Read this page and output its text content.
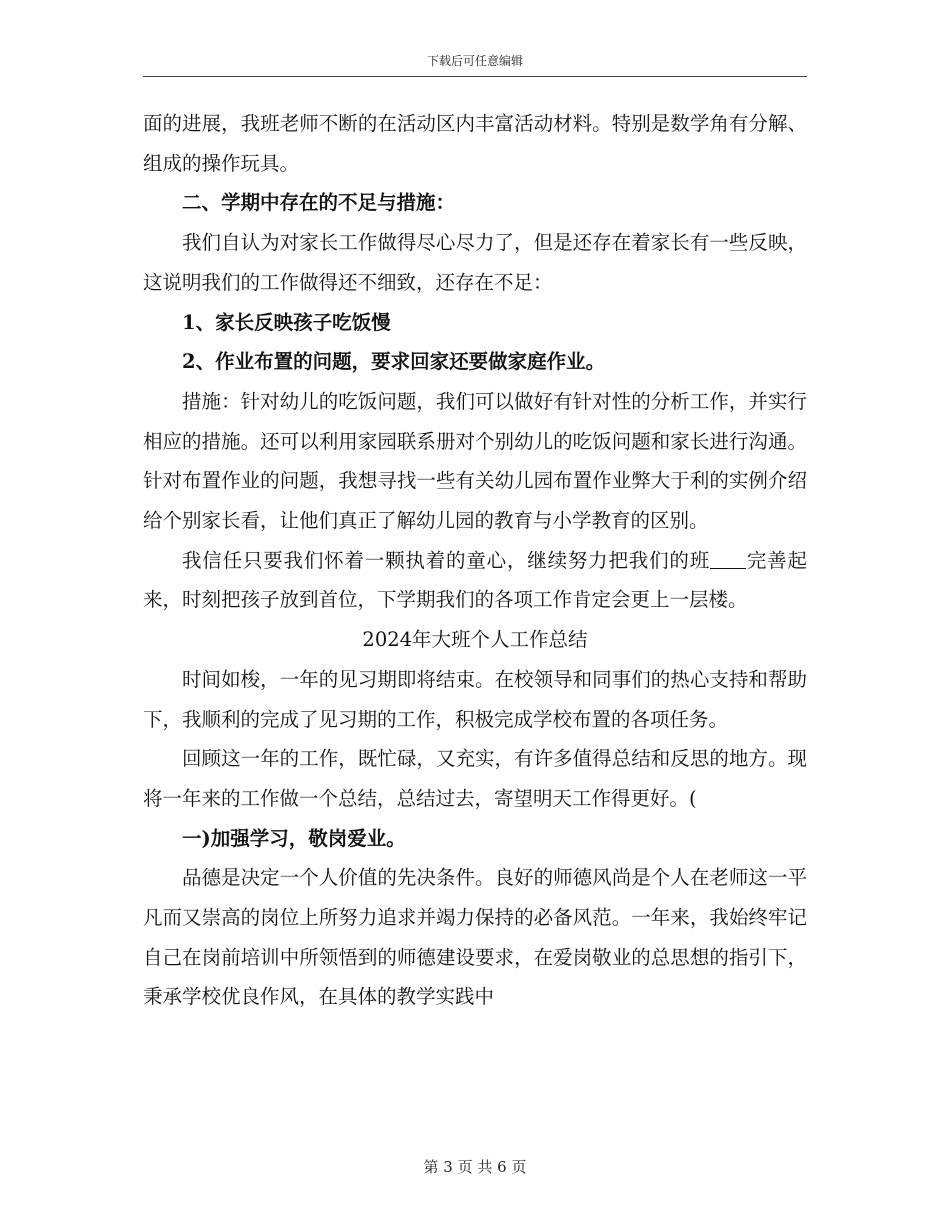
下载后可任意编辑

面的进展，我班老师不断的在活动区内丰富活动材料。特别是数学角有分解、组成的操作玩具。

二、学期中存在的不足与措施：

我们自认为对家长工作做得尽心尽力了，但是还存在着家长有一些反映，这说明我们的工作做得还不细致，还存在不足：

1、家长反映孩子吃饭慢

2、作业布置的问题，要求回家还要做家庭作业。

措施：针对幼儿的吃饭问题，我们可以做好有针对性的分析工作，并实行相应的措施。还可以利用家园联系册对个别幼儿的吃饭问题和家长进行沟通。针对布置作业的问题，我想寻找一些有关幼儿园布置作业弊大于利的实例介绍给个别家长看，让他们真正了解幼儿园的教育与小学教育的区别。

我信任只要我们怀着一颗执着的童心，继续努力把我们的班 完善起来，时刻把孩子放到首位，下学期我们的各项工作肯定会更上一层楼。

2024年大班个人工作总结

时间如梭，一年的见习期即将结束。在校领导和同事们的热心支持和帮助下，我顺利的完成了见习期的工作，积极完成学校布置的各项任务。

回顾这一年的工作，既忙碌，又充实，有许多值得总结和反思的地方。现将一年来的工作做一个总结，总结过去，寄望明天工作得更好。(

一)加强学习，敬岗爱业。

品德是决定一个人价值的先决条件。良好的师德风尚是个人在老师这一平凡而又崇高的岗位上所努力追求并竭力保持的必备风范。一年来，我始终牢记自己在岗前培训中所领悟到的师德建设要求，在爱岗敬业的总思想的指引下，秉承学校优良作风，在具体的教学实践中

第 3 页 共 6 页
